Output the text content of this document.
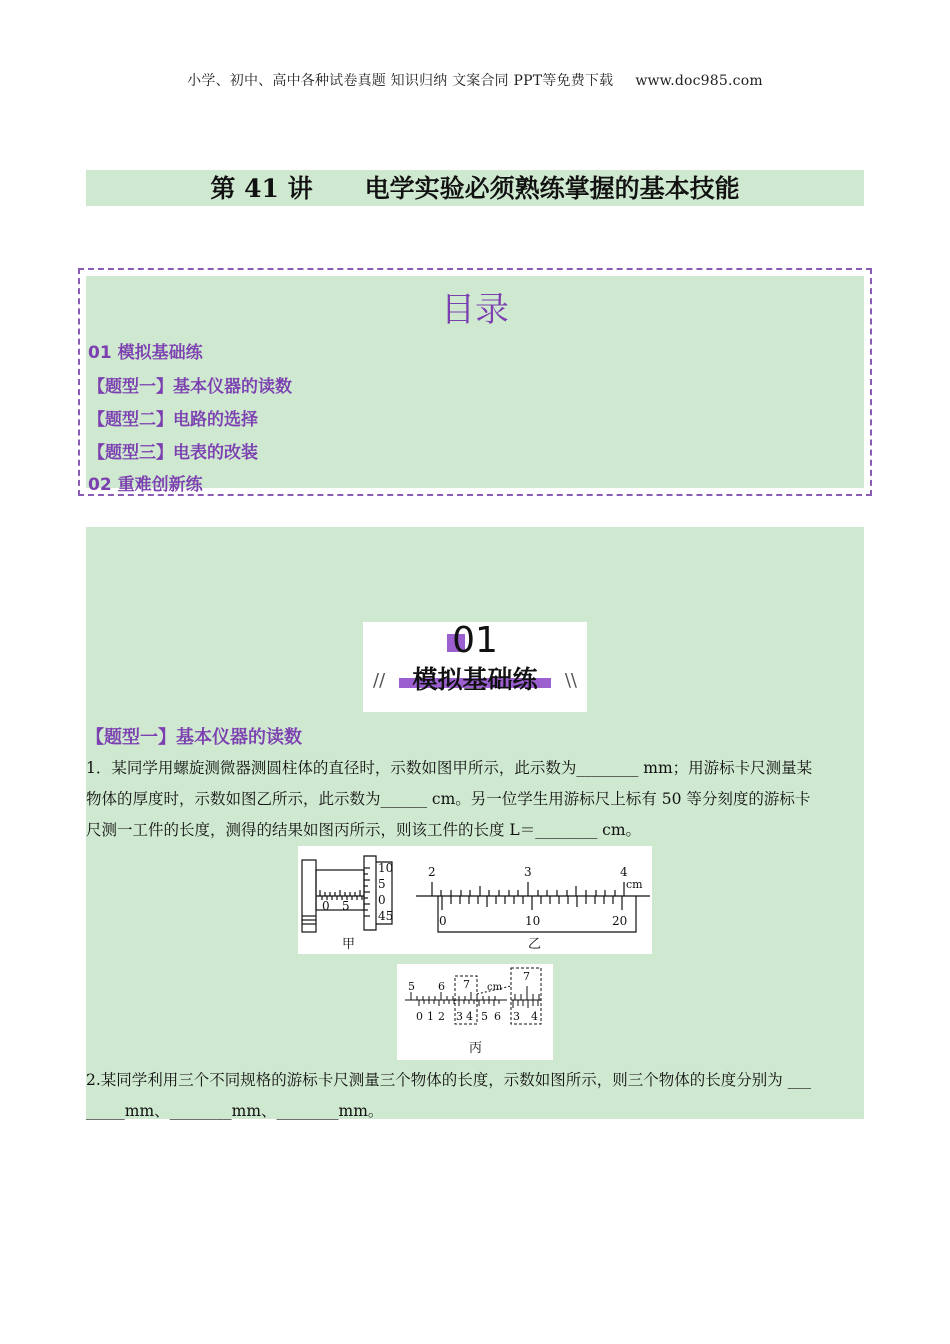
小学、初中、高中各种试卷真题 知识归纳 文案合同 PPT等免费下载 www.doc985.com
第 41 讲 电学实验必须熟练掌握的基本技能
目录
01 模拟基础练
【题型一】基本仪器的读数
【题型二】电路的选择
【题型三】电表的改装
02 重难创新练
01
模拟基础练
//	\\
【题型一】基本仪器的读数
1．某同学用螺旋测微器测圆柱体的直径时，示数如图甲所示，此示数为________ mm；用游标卡尺测量某
物体的厚度时，示数如图乙所示，此示数为______ cm。另一位学生用游标尺上标有 50 等分刻度的游标卡
尺测一工件的长度，测得的结果如图丙所示，则该工件的长度 L＝________ cm。
0 5
10
5
0
45
甲
2	3	4
cm
0	10	20
乙
5 6 7 cm
0 1 2 3 4 5 6
7
3 4
丙
2.某同学利用三个不同规格的游标卡尺测量三个物体的长度，示数如图所示，则三个物体的长度分别为 ___
_____mm、________mm、________mm。
